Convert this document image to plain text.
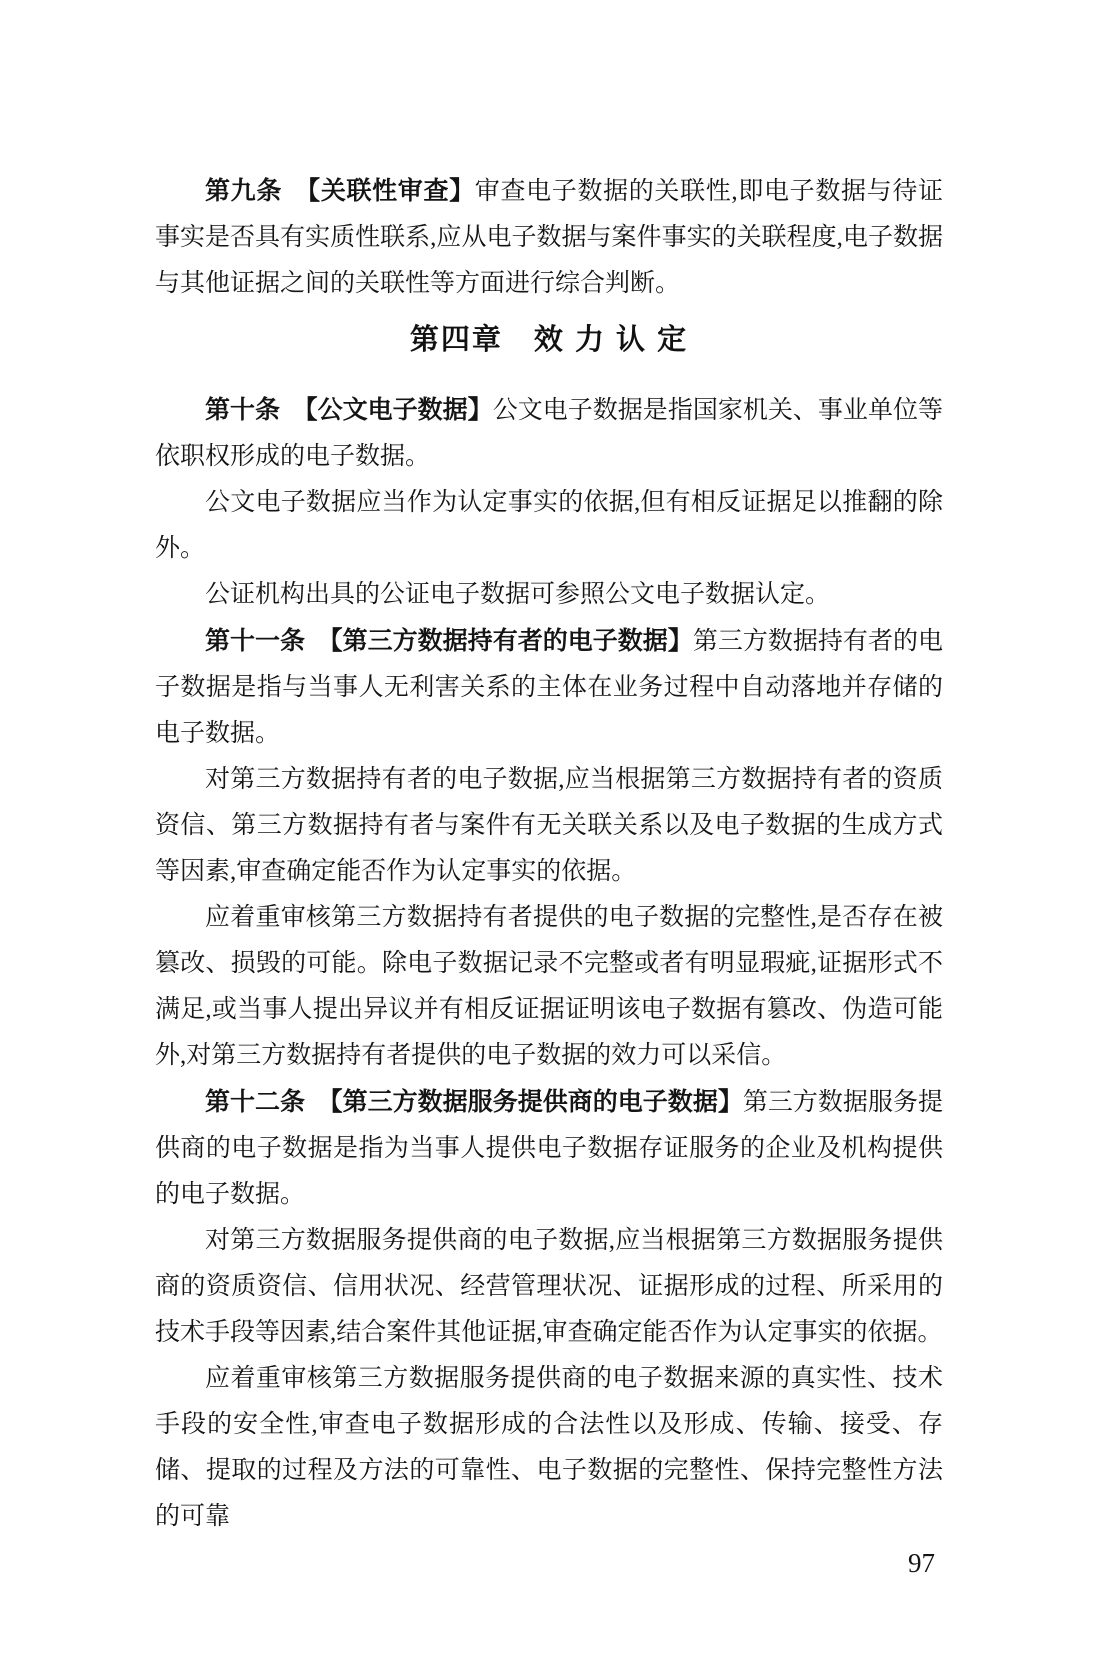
第九条　【关联性审查】审查电子数据的关联性,即电子数据与待证事实是否具有实质性联系,应从电子数据与案件事实的关联程度,电子数据与其他证据之间的关联性等方面进行综合判断。

第四章　效 力 认 定

第十条　【公文电子数据】公文电子数据是指国家机关、事业单位等依职权形成的电子数据。

公文电子数据应当作为认定事实的依据,但有相反证据足以推翻的除外。

公证机构出具的公证电子数据可参照公文电子数据认定。

第十一条　【第三方数据持有者的电子数据】第三方数据持有者的电子数据是指与当事人无利害关系的主体在业务过程中自动落地并存储的电子数据。

对第三方数据持有者的电子数据,应当根据第三方数据持有者的资质资信、第三方数据持有者与案件有无关联关系以及电子数据的生成方式等因素,审查确定能否作为认定事实的依据。

应着重审核第三方数据持有者提供的电子数据的完整性,是否存在被篡改、损毁的可能。除电子数据记录不完整或者有明显瑕疵,证据形式不满足,或当事人提出异议并有相反证据证明该电子数据有篡改、伪造可能外,对第三方数据持有者提供的电子数据的效力可以采信。

第十二条　【第三方数据服务提供商的电子数据】第三方数据服务提供商的电子数据是指为当事人提供电子数据存证服务的企业及机构提供的电子数据。

对第三方数据服务提供商的电子数据,应当根据第三方数据服务提供商的资质资信、信用状况、经营管理状况、证据形成的过程、所采用的技术手段等因素,结合案件其他证据,审查确定能否作为认定事实的依据。

应着重审核第三方数据服务提供商的电子数据来源的真实性、技术手段的安全性,审查电子数据形成的合法性以及形成、传输、接受、存储、提取的过程及方法的可靠性、电子数据的完整性、保持完整性方法的可靠

97
